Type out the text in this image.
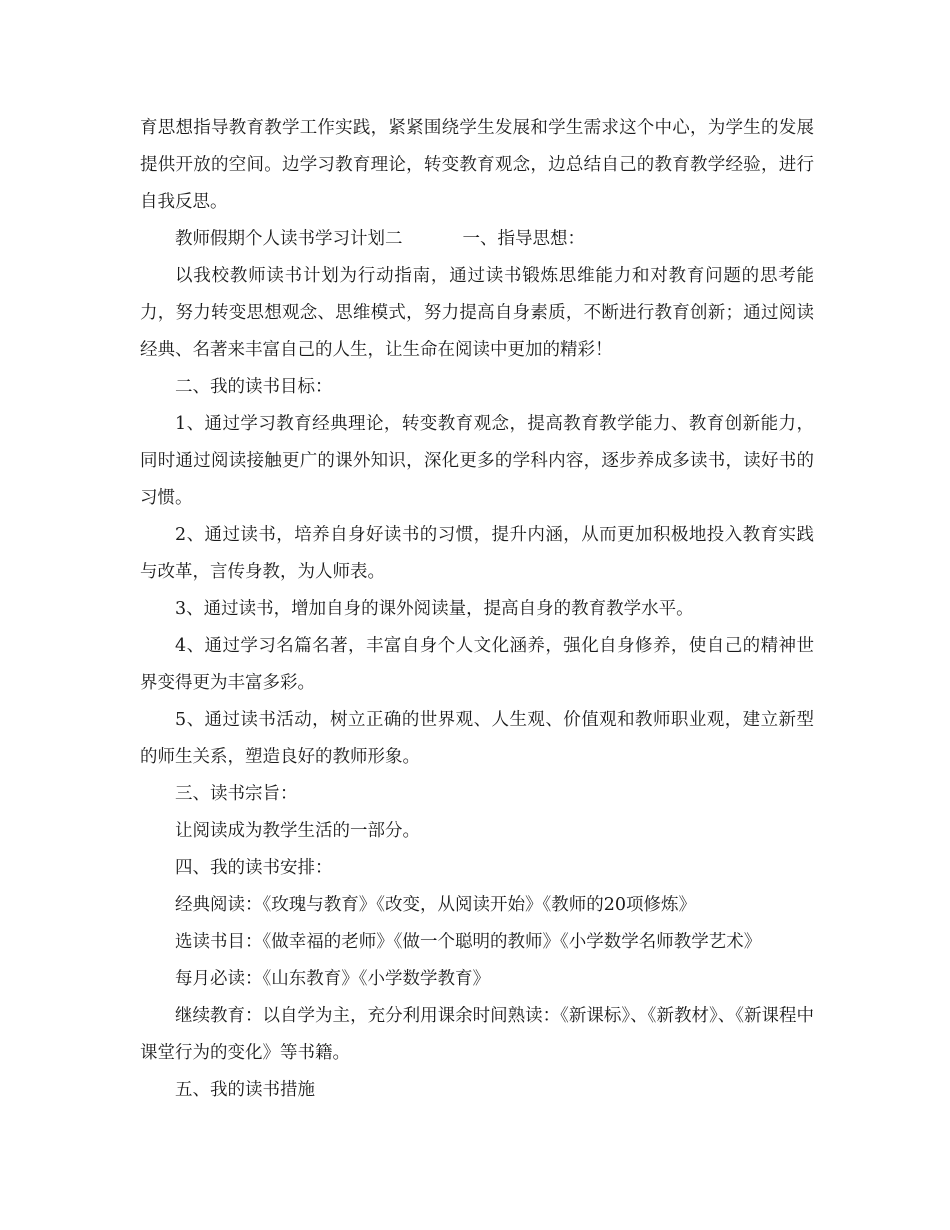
育思想指导教育教学工作实践，紧紧围绕学生发展和学生需求这个中心，为学生的发展提供开放的空间。边学习教育理论，转变教育观念，边总结自己的教育教学经验，进行自我反思。

教师假期个人读书学习计划二	一、指导思想：

以我校教师读书计划为行动指南，通过读书锻炼思维能力和对教育问题的思考能力，努力转变思想观念、思维模式，努力提高自身素质，不断进行教育创新；通过阅读经典、名著来丰富自己的人生，让生命在阅读中更加的精彩！

二、我的读书目标：

1、通过学习教育经典理论，转变教育观念，提高教育教学能力、教育创新能力，同时通过阅读接触更广的课外知识，深化更多的学科内容，逐步养成多读书，读好书的习惯。

2、通过读书，培养自身好读书的习惯，提升内涵，从而更加积极地投入教育实践与改革，言传身教，为人师表。

3、通过读书，增加自身的课外阅读量，提高自身的教育教学水平。

4、通过学习名篇名著，丰富自身个人文化涵养，强化自身修养，使自己的精神世界变得更为丰富多彩。

5、通过读书活动，树立正确的世界观、人生观、价值观和教师职业观，建立新型的师生关系，塑造良好的教师形象。

三、读书宗旨：

让阅读成为教学生活的一部分。

四、我的读书安排：

经典阅读：《玫瑰与教育》《改变，从阅读开始》《教师的20项修炼》

选读书目：《做幸福的老师》《做一个聪明的教师》《小学数学名师教学艺术》

每月必读：《山东教育》《小学数学教育》

继续教育：以自学为主，充分利用课余时间熟读：《新课标》、《新教材》、《新课程中课堂行为的变化》等书籍。

五、我的读书措施
